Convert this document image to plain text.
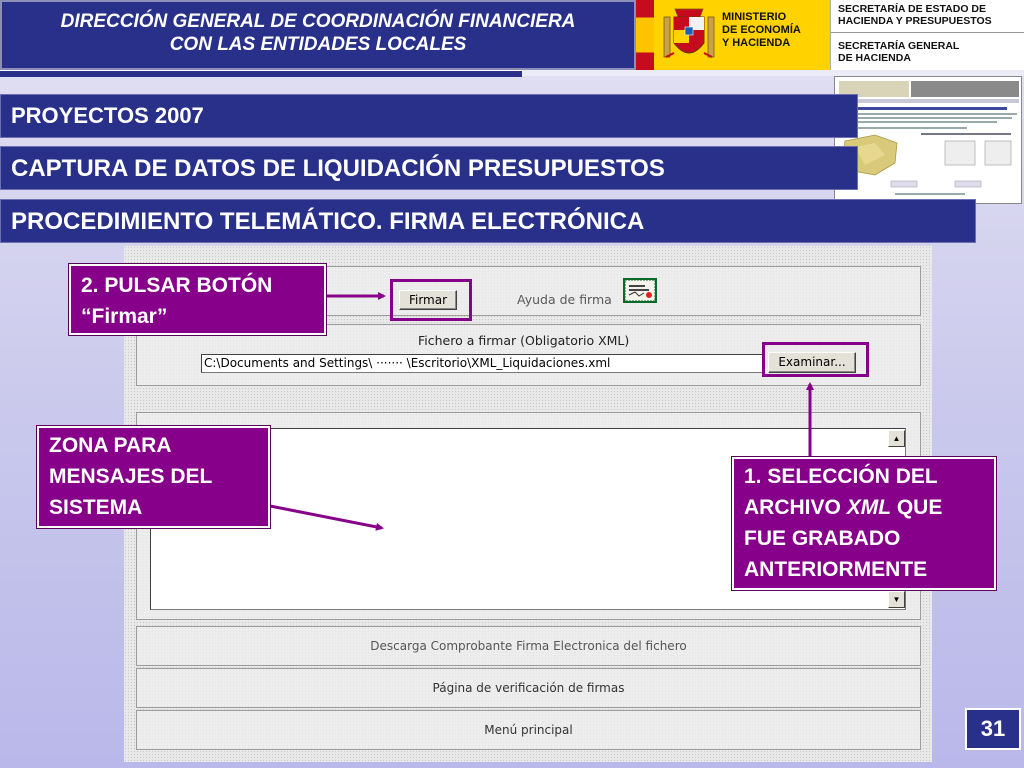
DIRECCIÓN GENERAL DE COORDINACIÓN FINANCIERA
CON LAS ENTIDADES LOCALES
MINISTERIO
DE ECONOMÍA
Y HACIENDA
SECRETARÍA DE ESTADO DE
HACIENDA Y PRESUPUESTOS
SECRETARÍA GENERAL
DE HACIENDA
PROYECTOS 2007
CAPTURA DE DATOS DE LIQUIDACIÓN PRESUPUESTOS
PROCEDIMIENTO TELEMÁTICO. FIRMA ELECTRÓNICA
Firmar	Ayuda de firma
Fichero a firmar (Obligatorio XML)
C:\Documents and Settings\ ······· \Escritorio\XML_Liquidaciones.xml	Examinar...
▲
▼
Descarga Comprobante Firma Electronica del fichero
Página de verificación de firmas
Menú principal
2. PULSAR BOTÓN
“Firmar”
ZONA PARA
MENSAJES DEL
SISTEMA
1. SELECCIÓN DEL
ARCHIVO XML QUE
FUE GRABADO
ANTERIORMENTE
31
